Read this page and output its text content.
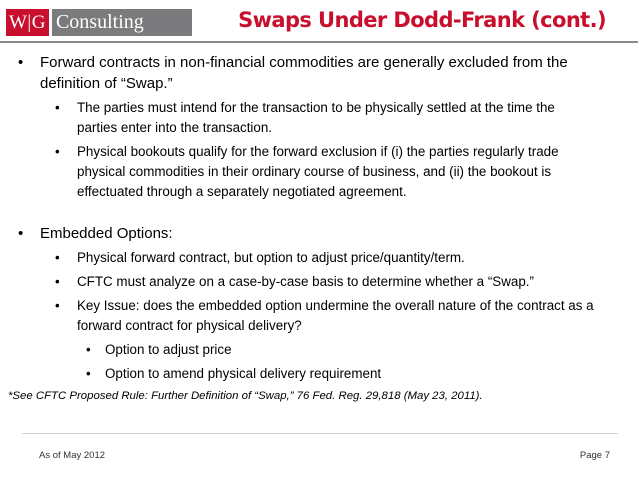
W|G Consulting	Swaps Under Dodd-Frank (cont.)
• Forward contracts in non-financial commodities are generally excluded from the definition of “Swap.”
• The parties must intend for the transaction to be physically settled at the time the parties enter into the transaction.
• Physical bookouts qualify for the forward exclusion if (i) the parties regularly trade physical commodities in their ordinary course of business, and (ii) the bookout is effectuated through a separately negotiated agreement.
• Embedded Options:
• Physical forward contract, but option to adjust price/quantity/term.
• CFTC must analyze on a case-by-case basis to determine whether a “Swap.”
• Key Issue: does the embedded option undermine the overall nature of the contract as a forward contract for physical delivery?
• Option to adjust price
• Option to amend physical delivery requirement
*See CFTC Proposed Rule: Further Definition of “Swap,” 76 Fed. Reg. 29,818 (May 23, 2011).
As of May 2012	Page 7
